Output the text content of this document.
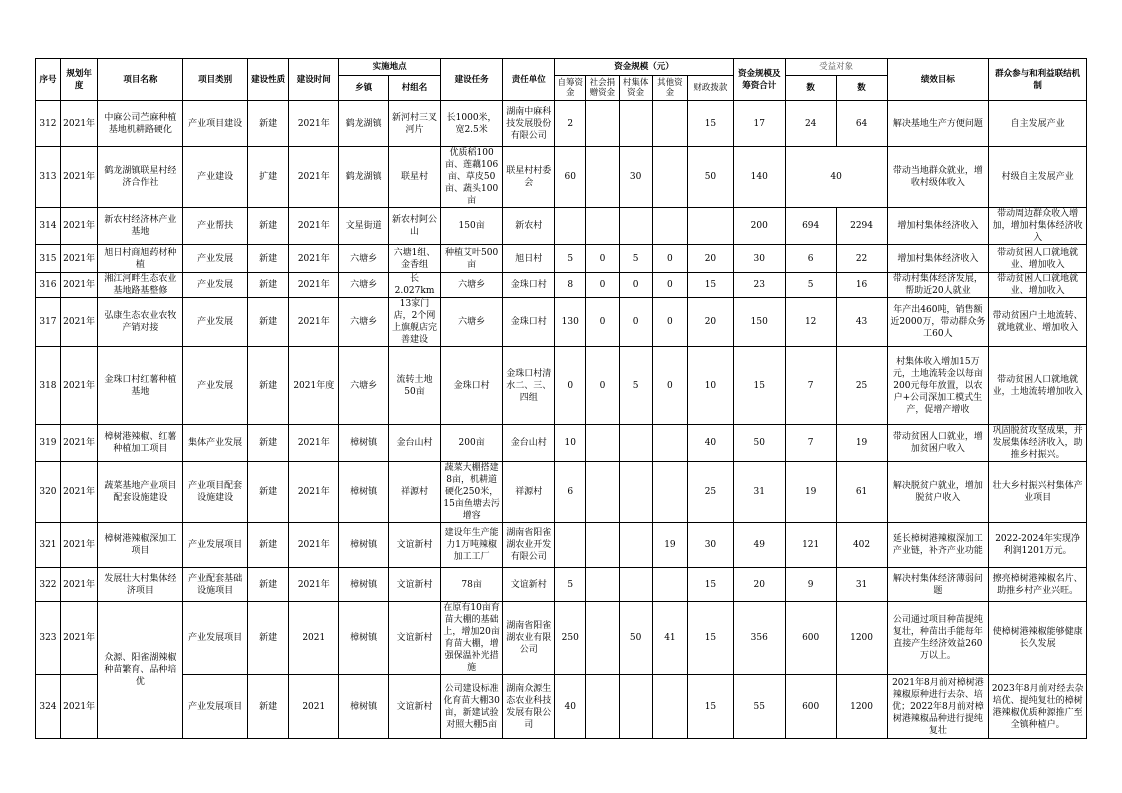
序号	规划年度	项目名称	项目类别	建设性质	建设时间	实施地点		建设任务	责任单位	资金规模（元）					资金规模及筹资合计	受益对象		绩效目标	群众参与和利益联结机制
						乡镇	村组名			自筹资金	社会捐赠资金	村集体资金	其他资金	财政拨款		数	数		
312	2021年	中麻公司苎麻种植基地机耕路硬化	产业项目建设	新建	2021年	鹤龙湖镇	新河村三叉河片	长1000米，宽2.5米	湖南中麻科技发展股份有限公司	2				15	17	24	64	解决基地生产方便问题	自主发展产业
313	2021年	鹤龙湖镇联星村经济合作社	产业建设	扩建	2021年	鹤龙湖镇	联星村	优质稻100亩、莲藕106亩、草皮50亩、蔬头100亩	联星村村委会	60		30		50	140	40		带动当地群众就业，增收村级体收入	村级自主发展产业
314	2021年	新农村经济林产业基地	产业帮扶	新建	2021年	文星街道	新农村阿公山	150亩	新农村						200	694	2294	增加村集体经济收入	带动周边群众收入增加，增加村集体经济收入
315	2021年	旭日村商旭药材种植	产业发展	新建	2021年	六塘乡	六塘1组、金香组	种植艾叶500亩	旭日村	5	0	5	0	20	30	6	22	增加村集体经济收入	带动贫困人口就地就业、增加收入
316	2021年	湘江河畔生态农业基地路基整修	产业发展	新建	2021年	六塘乡	长2.027km	六塘乡	金珠口村	8	0	0	0	15	23	5	16	带动村集体经济发展，帮助近20人就业	带动贫困人口就地就业、增加收入
317	2021年	弘康生态农业农牧产销对接	产业发展	新建	2021年	六塘乡	13家门店，2个网上旗舰店完善建设	六塘乡	金珠口村	130	0	0	0	20	150	12	43	年产出460吨，销售额近2000万，带动群众务工60人	带动贫困户土地流转、就地就业、增加收入
318	2021年	金珠口村红薯种植基地	产业发展	新建	2021年度	六塘乡	流转土地50亩	金珠口村	金珠口村清水二、三、四组	0	0	5	0	10	15	7	25	村集体收入增加15万元，土地流转金以每亩200元每年放置，以农户+公司深加工模式生产，促增产增收	带动贫困人口就地就业，土地流转增加收入
319	2021年	樟树港辣椒、红薯种植加工项目	集体产业发展	新建	2021年	樟树镇	金台山村	200亩	金台山村	10				40	50	7	19	带动贫困人口就业，增加贫困户收入	巩固脱贫攻坚成果，并发展集体经济收入，助推乡村振兴。
320	2021年	蔬菜基地产业项目配套设施建设	产业项目配套设施建设	新建	2021年	樟树镇	祥源村	蔬菜大棚搭建8亩，机耕道硬化250米，15亩鱼塘去污增容	祥源村	6				25	31	19	61	解决脱贫户就业，增加脱贫户收入	壮大乡村振兴村集体产业项目
321	2021年	樟树港辣椒深加工项目	产业发展项目	新建	2021年	樟树镇	文谊新村	建设年生产能力1万吨辣椒加工工厂	湖南省阳雀湖农业开发有限公司				19	30	49	121	402	延长樟树港辣椒深加工产业链，补齐产业功能	2022-2024年实现净利润1201万元。
322	2021年	发展壮大村集体经济项目	产业配套基础设施项目	新建	2021年	樟树镇	文谊新村	78亩	文谊新村	5				15	20	9	31	解决村集体经济薄弱问题	擦亮樟树港辣椒名片、助推乡村产业兴旺。
323	2021年	众源、阳雀湖辣椒种苗繁育、品种培优	产业发展项目	新建	2021	樟树镇	文谊新村	在原有10亩育苗大棚的基础上，增加20亩育苗大棚，增强保温补光措施	湖南省阳雀湖农业有限公司	250		50	41	15	356	600	1200	公司通过项目种苗提纯复壮，种苗出手能每年直接产生经济效益260万以上。	使樟树港辣椒能够健康长久发展
324	2021年		产业发展项目	新建	2021	樟树镇	文谊新村	公司建设标准化育苗大棚30亩，新建试验对照大棚5亩	湖南众源生态农业科技发展有限公司	40				15	55	600	1200	2021年8月前对樟树港辣椒原种进行去杂、培优；2022年8月前对樟树港辣椒品种进行提纯复壮	2023年8月前对经去杂培优、提纯复壮的樟树港辣椒优质种源推广至全镇种植户。
